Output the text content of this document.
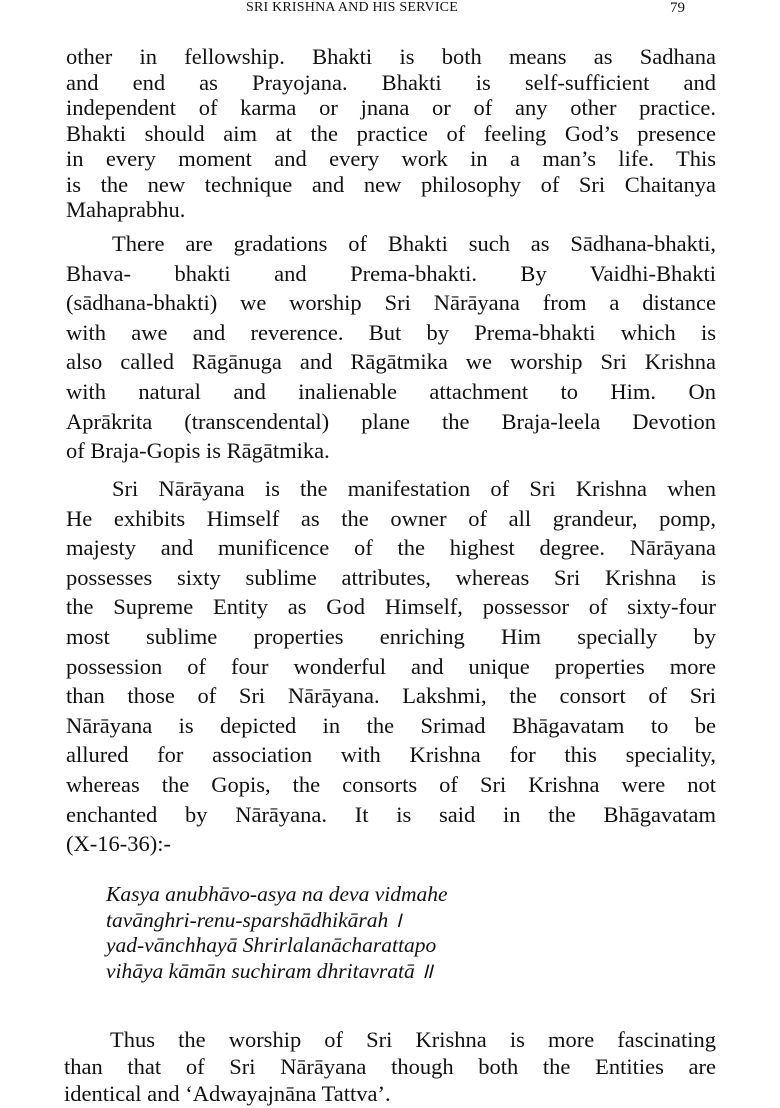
SRI KRISHNA AND HIS SERVICE	79
other in fellowship. Bhakti is both means as Sadhana
and end as Prayojana. Bhakti is self-sufficient and
independent of karma or jnana or of any other practice.
Bhakti should aim at the practice of feeling God’s presence
in every moment and every work in a man’s life. This
is the new technique and new philosophy of Sri Chaitanya
Mahaprabhu.
There are gradations of Bhakti such as Sādhana-bhakti,
Bhava- bhakti and Prema-bhakti. By Vaidhi-Bhakti
(sādhana-bhakti) we worship Sri Nārāyana from a distance
with awe and reverence. But by Prema-bhakti which is
also called Rāgānuga and Rāgātmika we worship Sri Krishna
with natural and inalienable attachment to Him. On
Aprākrita (transcendental) plane the Braja-leela Devotion
of Braja-Gopis is Rāgātmika.
Sri Nārāyana is the manifestation of Sri Krishna when
He exhibits Himself as the owner of all grandeur, pomp,
majesty and munificence of the highest degree. Nārāyana
possesses sixty sublime attributes, whereas Sri Krishna is
the Supreme Entity as God Himself, possessor of sixty-four
most sublime properties enriching Him specially by
possession of four wonderful and unique properties more
than those of Sri Nārāyana. Lakshmi, the consort of Sri
Nārāyana is depicted in the Srimad Bhāgavatam to be
allured for association with Krishna for this speciality,
whereas the Gopis, the consorts of Sri Krishna were not
enchanted by Nārāyana. It is said in the Bhāgavatam
(X-16-36):-
Kasya anubhāvo-asya na deva vidmahe
tavānghri-renu-sparshādhikārah ।
yad-vānchhayā Shrirlalanācharattapo
vihāya kāmān suchiram dhritavratā ॥
Thus the worship of Sri Krishna is more fascinating
than that of Sri Nārāyana though both the Entities are
identical and ‘Adwayajnāna Tattva’.
